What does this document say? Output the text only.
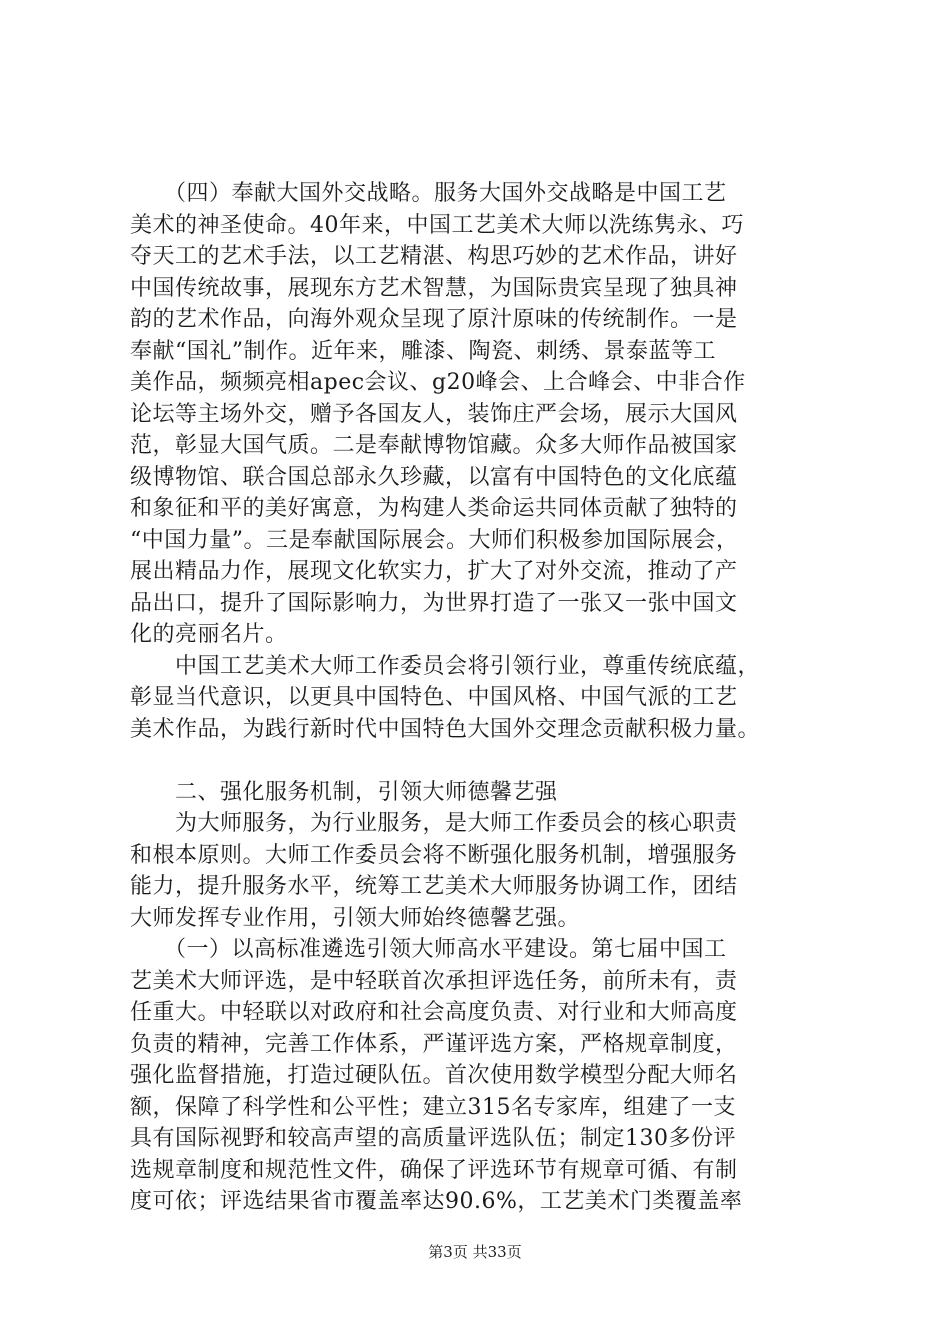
　　（四）奉献大国外交战略。服务大国外交战略是中国工艺
美术的神圣使命。40年来，中国工艺美术大师以洗练隽永、巧
夺天工的艺术手法，以工艺精湛、构思巧妙的艺术作品，讲好
中国传统故事，展现东方艺术智慧，为国际贵宾呈现了独具神
韵的艺术作品，向海外观众呈现了原汁原味的传统制作。一是
奉献“国礼”制作。近年来，雕漆、陶瓷、刺绣、景泰蓝等工
美作品，频频亮相apec会议、g20峰会、上合峰会、中非合作
论坛等主场外交，赠予各国友人，装饰庄严会场，展示大国风
范，彰显大国气质。二是奉献博物馆藏。众多大师作品被国家
级博物馆、联合国总部永久珍藏，以富有中国特色的文化底蕴
和象征和平的美好寓意，为构建人类命运共同体贡献了独特的
“中国力量”。三是奉献国际展会。大师们积极参加国际展会，
展出精品力作，展现文化软实力，扩大了对外交流，推动了产
品出口，提升了国际影响力，为世界打造了一张又一张中国文
化的亮丽名片。
　　中国工艺美术大师工作委员会将引领行业，尊重传统底蕴，
彰显当代意识，以更具中国特色、中国风格、中国气派的工艺
美术作品，为践行新时代中国特色大国外交理念贡献积极力量。
　　二、强化服务机制，引领大师德馨艺强
　　为大师服务，为行业服务，是大师工作委员会的核心职责
和根本原则。大师工作委员会将不断强化服务机制，增强服务
能力，提升服务水平，统筹工艺美术大师服务协调工作，团结
大师发挥专业作用，引领大师始终德馨艺强。
　　（一）以高标准遴选引领大师高水平建设。第七届中国工
艺美术大师评选，是中轻联首次承担评选任务，前所未有，责
任重大。中轻联以对政府和社会高度负责、对行业和大师高度
负责的精神，完善工作体系，严谨评选方案，严格规章制度，
强化监督措施，打造过硬队伍。首次使用数学模型分配大师名
额，保障了科学性和公平性；建立315名专家库，组建了一支
具有国际视野和较高声望的高质量评选队伍；制定130多份评
选规章制度和规范性文件，确保了评选环节有规章可循、有制
度可依；评选结果省市覆盖率达90.6%，工艺美术门类覆盖率
第3页 共33页
